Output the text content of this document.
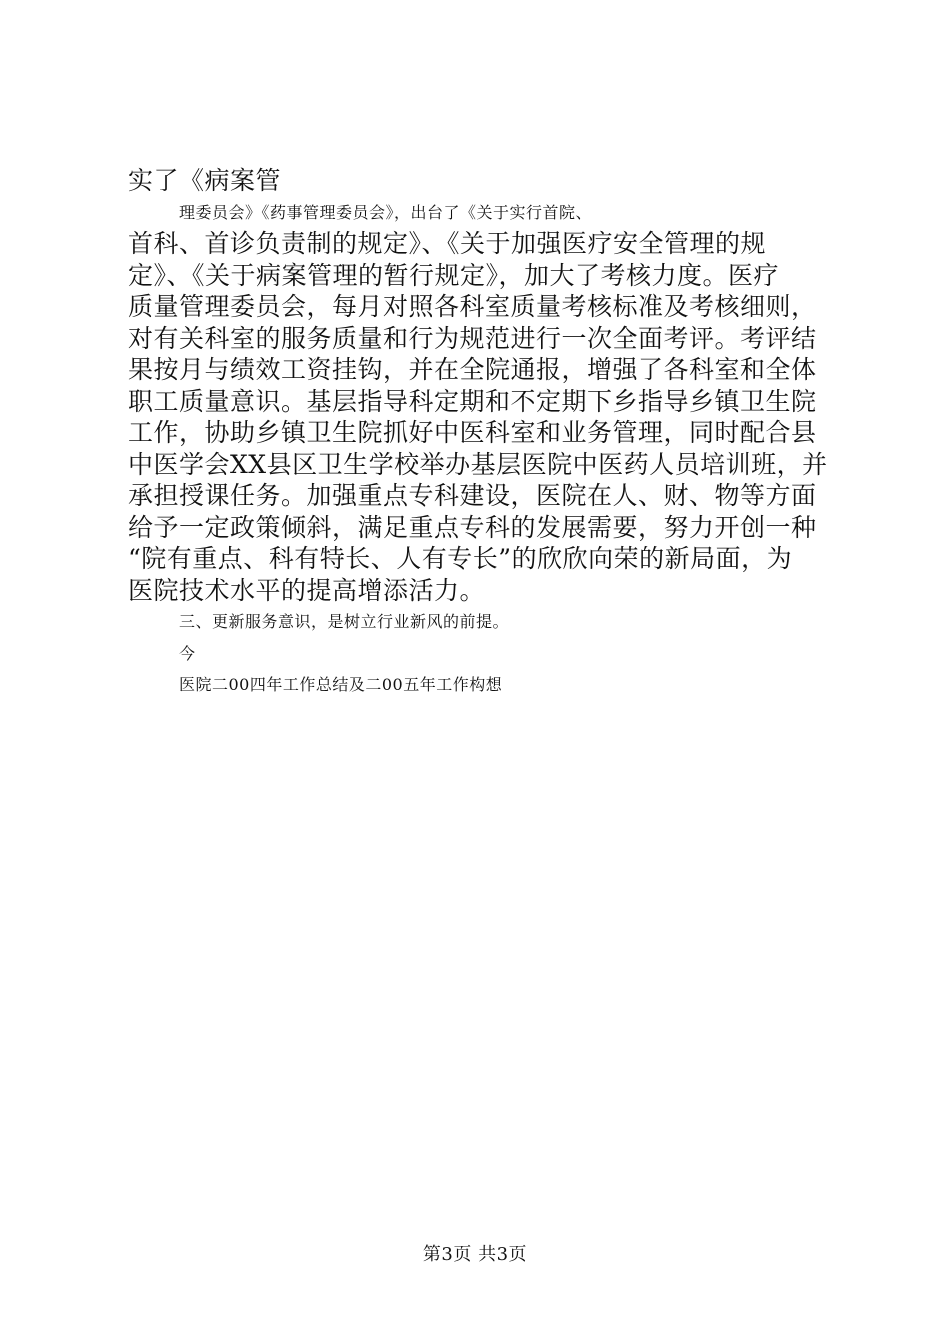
实了《病案管
理委员会》《药事管理委员会》，出台了《关于实行首院、
首科、首诊负责制的规定》、《关于加强医疗安全管理的规
定》、《关于病案管理的暂行规定》，加大了考核力度。医疗
质量管理委员会，每月对照各科室质量考核标准及考核细则，
对有关科室的服务质量和行为规范进行一次全面考评。考评结
果按月与绩效工资挂钩，并在全院通报，增强了各科室和全体
职工质量意识。基层指导科定期和不定期下乡指导乡镇卫生院
工作，协助乡镇卫生院抓好中医科室和业务管理，同时配合县
中医学会XX县区卫生学校举办基层医院中医药人员培训班，并
承担授课任务。加强重点专科建设，医院在人、财、物等方面
给予一定政策倾斜，满足重点专科的发展需要，努力开创一种
“院有重点、科有特长、人有专长”的欣欣向荣的新局面，为
医院技术水平的提高增添活力。
三、更新服务意识，是树立行业新风的前提。
今
医院二00四年工作总结及二00五年工作构想
第3页 共3页
